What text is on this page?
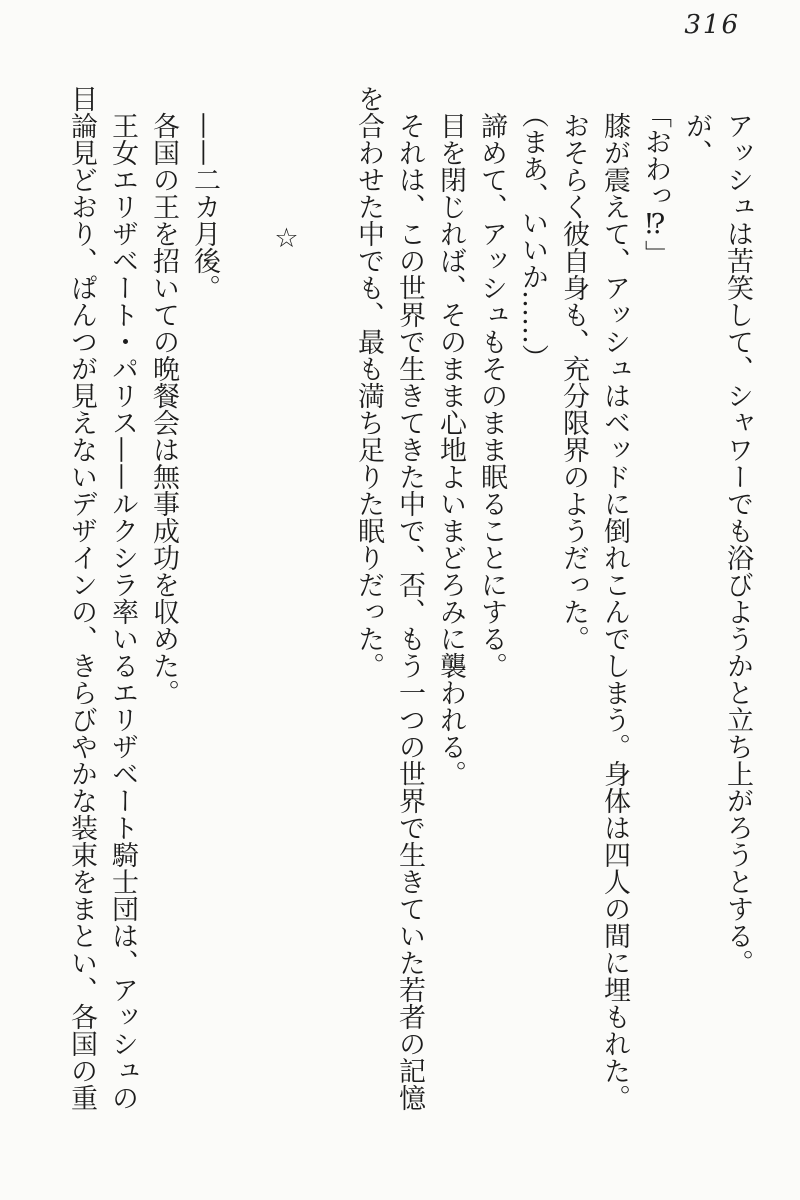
316

アッシュは苦笑して、シャワーでも浴びようかと立ち上がろうとする。

が、

「おわっ⁉」

膝が震えて、アッシュはベッドに倒れこんでしまう。身体は四人の間に埋もれた。

おそらく彼自身も、充分限界のようだった。

（まあ、いいか……）

諦めて、アッシュもそのまま眠ることにする。

目を閉じれば、そのまま心地よいまどろみに襲われる。

それは、この世界で生きてきた中で、否、もう一つの世界で生きていた若者の記憶を合わせた中でも、最も満ち足りた眠りだった。

☆

——二カ月後。

各国の王を招いての晩餐会は無事成功を収めた。

王女エリザベート・パリス——ルクシラ率いるエリザベート騎士団は、アッシュの目論見どおり、ぱんつが見えないデザインの、きらびやかな装束をまとい、各国の重
